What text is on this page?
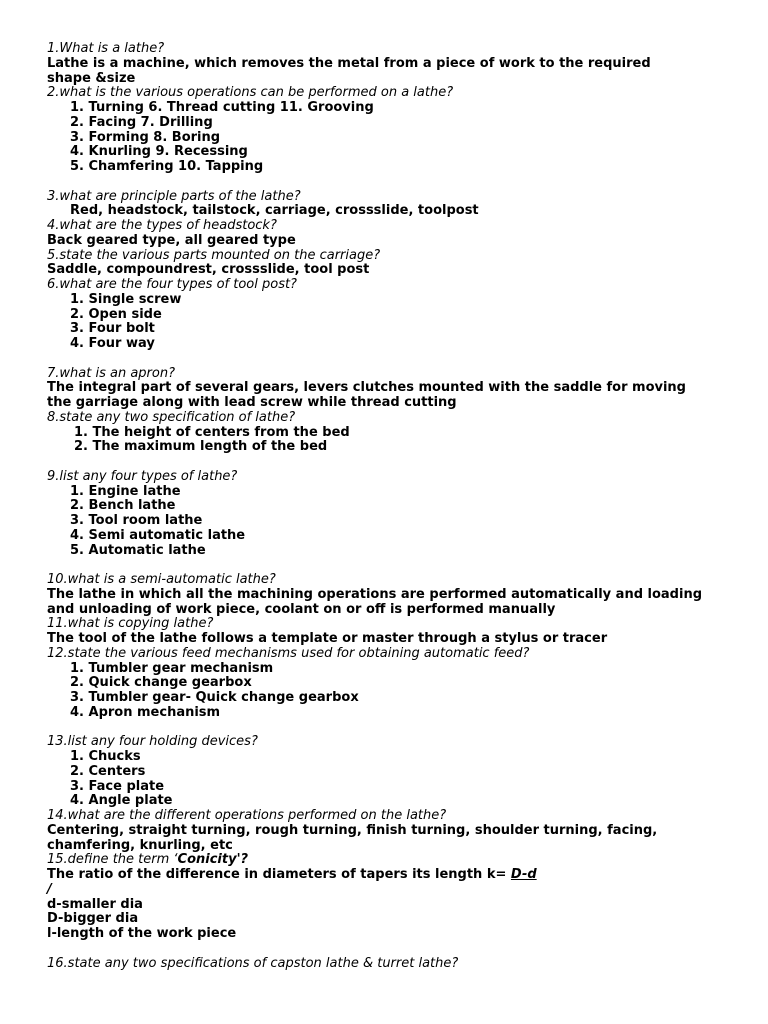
1.What is a lathe?
Lathe is a machine, which removes the metal from a piece of work to the required shape &size
2.what is the various operations can be performed on a lathe?
1. Turning 6. Thread cutting 11. Grooving
2. Facing 7. Drilling
3. Forming 8. Boring
4. Knurling 9. Recessing
5. Chamfering 10. Tapping
3.what are principle parts of the lathe?
Red, headstock, tailstock, carriage, crossslide, toolpost
4.what are the types of headstock?
Back geared type, all geared type
5.state the various parts mounted on the carriage?
Saddle, compoundrest, crossslide, tool post
6.what are the four types of tool post?
1. Single screw
2. Open side
3. Four bolt
4. Four way
7.what is an apron?
The integral part of several gears, levers clutches mounted with the saddle for moving the garriage along with lead screw while thread cutting
8.state any two specification of lathe?
1. The height of centers from the bed
2. The maximum length of the bed
9.list any four types of lathe?
1. Engine lathe
2. Bench lathe
3. Tool room lathe
4. Semi automatic lathe
5. Automatic lathe
10.what is a semi-automatic lathe?
The lathe in which all the machining operations are performed automatically and loading and unloading of work piece, coolant on or off is performed manually
11.what is copying lathe?
The tool of the lathe follows a template or master through a stylus or tracer
12.state the various feed mechanisms used for obtaining automatic feed?
1. Tumbler gear mechanism
2. Quick change gearbox
3. Tumbler gear- Quick change gearbox
4. Apron mechanism
13.list any four holding devices?
1. Chucks
2. Centers
3. Face plate
4. Angle plate
14.what are the different operations performed on the lathe?
Centering, straight turning, rough turning, finish turning, shoulder turning, facing, chamfering, knurling, etc
15.define the term ‘Conicity'?
The ratio of the difference in diameters of tapers its length k= D-d
/
d-smaller dia
D-bigger dia
l-length of the work piece
16.state any two specifications of capston lathe & turret lathe?
